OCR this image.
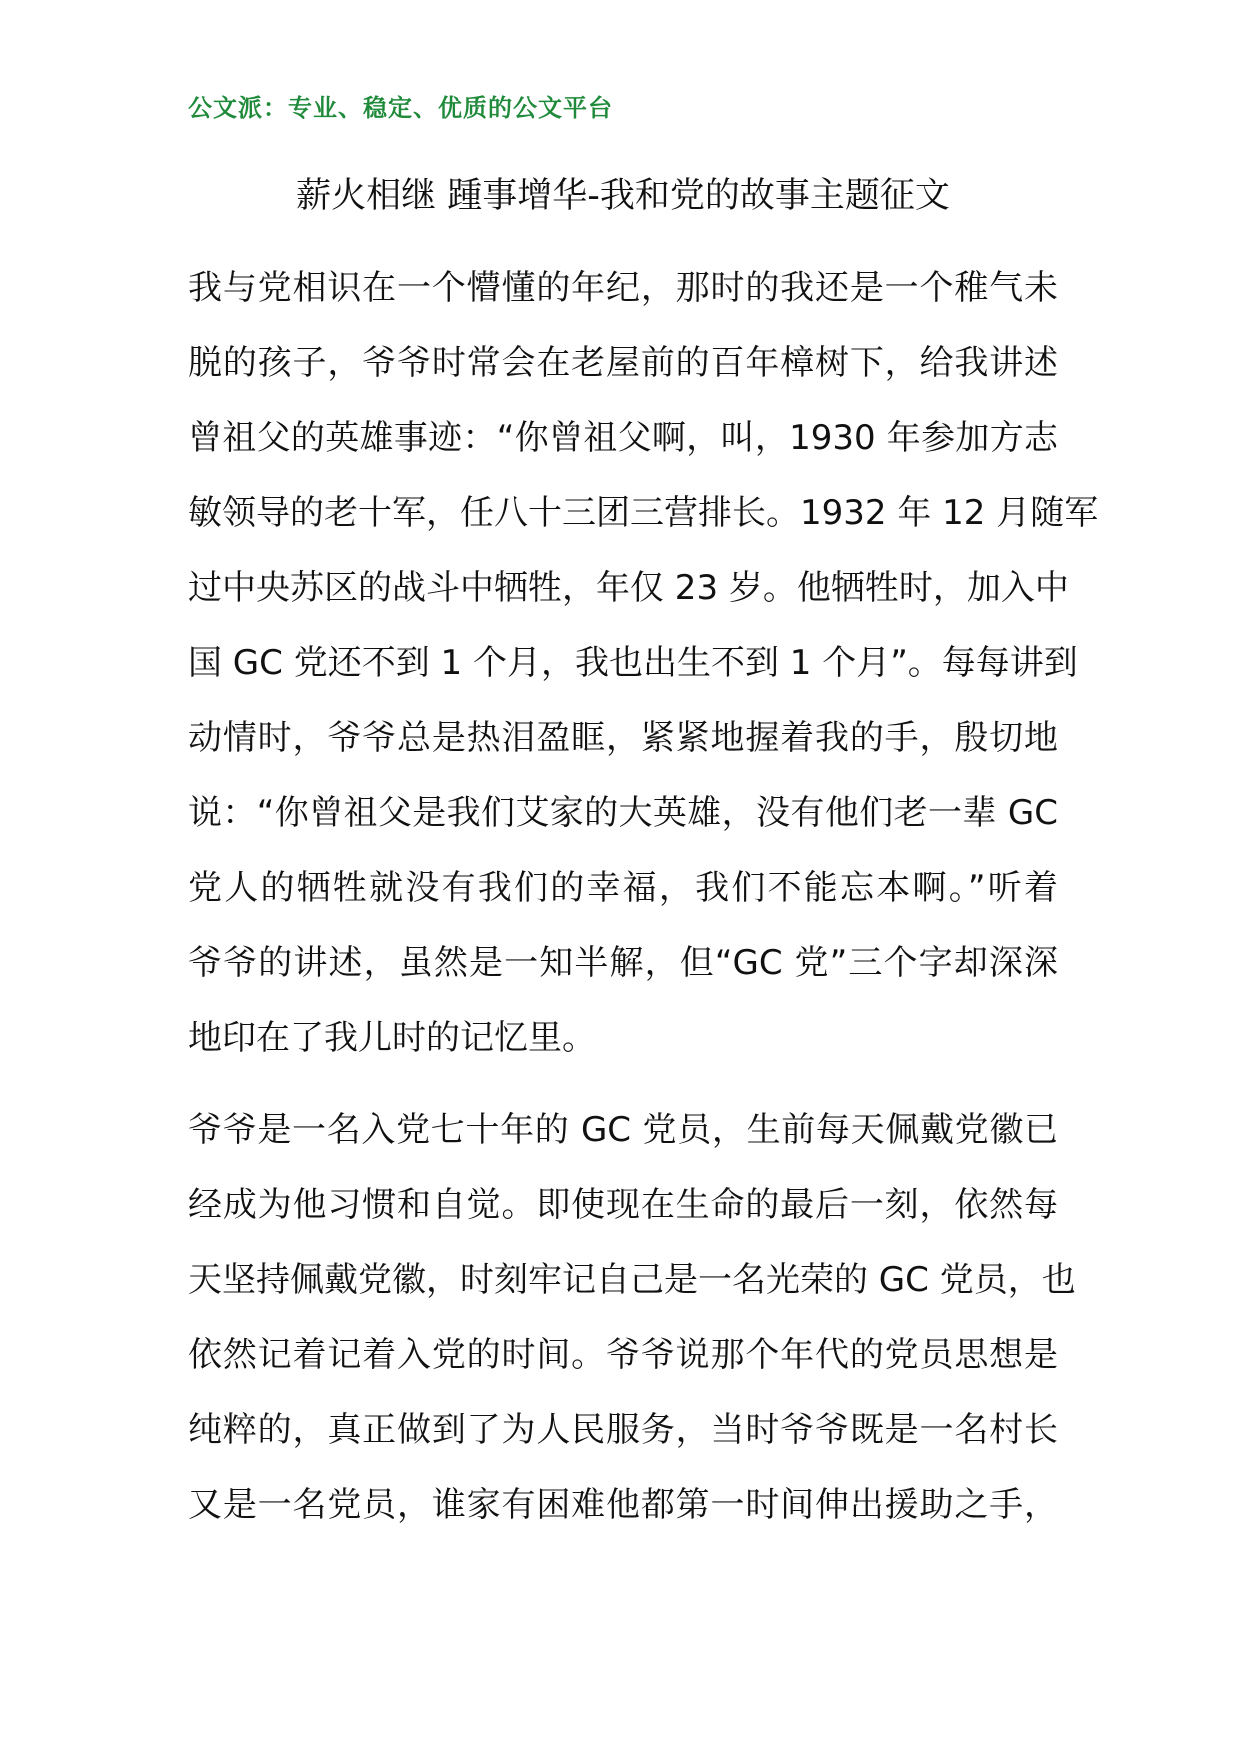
公文派：专业、稳定、优质的公文平台
薪火相继 踵事增华-我和党的故事主题征文
我与党相识在一个懵懂的年纪，那时的我还是一个稚气未
脱的孩子，爷爷时常会在老屋前的百年樟树下，给我讲述
曾祖父的英雄事迹：“你曾祖父啊，叫，1930 年参加方志
敏领导的老十军，任八十三团三营排长。1932 年 12 月随军
过中央苏区的战斗中牺牲，年仅 23 岁。他牺牲时，加入中
国 GC 党还不到 1 个月，我也出生不到 1 个月”。每每讲到
动情时，爷爷总是热泪盈眶，紧紧地握着我的手，殷切地
说：“你曾祖父是我们艾家的大英雄，没有他们老一辈 GC
党人的牺牲就没有我们的幸福，我们不能忘本啊。”听着
爷爷的讲述，虽然是一知半解，但“GC 党”三个字却深深
地印在了我儿时的记忆里。
爷爷是一名入党七十年的 GC 党员，生前每天佩戴党徽已
经成为他习惯和自觉。即使现在生命的最后一刻，依然每
天坚持佩戴党徽，时刻牢记自己是一名光荣的 GC 党员，也
依然记着记着入党的时间。爷爷说那个年代的党员思想是
纯粹的，真正做到了为人民服务，当时爷爷既是一名村长
又是一名党员，谁家有困难他都第一时间伸出援助之手，
